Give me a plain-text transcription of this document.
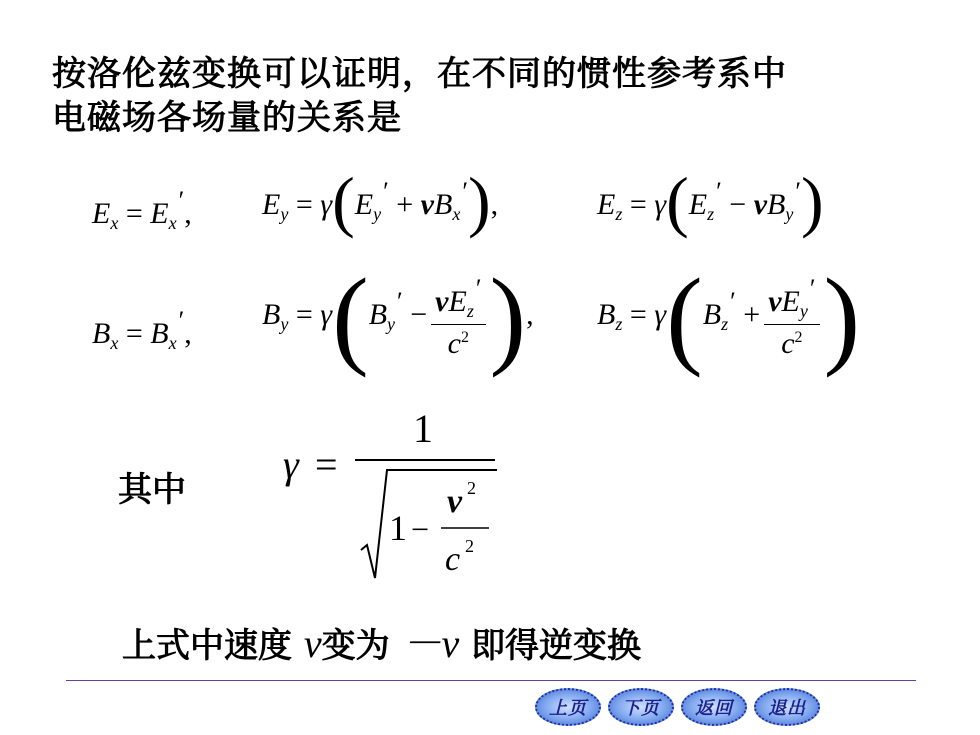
按洛伦兹变换可以证明，在不同的惯性参考系中
电磁场各场量的关系是
$E_x = E_x'$, $E_y = \gamma(E_y' + vB_x')$,	$E_z = \gamma(E_z' - vB_y')$
$B_x = B_x'$,
$B_y = \gamma(B_y' - \frac{vE_z'}{c^2}$ ), $B_z = \gamma(B_z' + \frac{vE_y'}{c^2}$ )
其中
γ =
1
1 −
v 2
c 2
上式中速度 v变为 －v 即得逆变换
上页	下页	返回	退出
